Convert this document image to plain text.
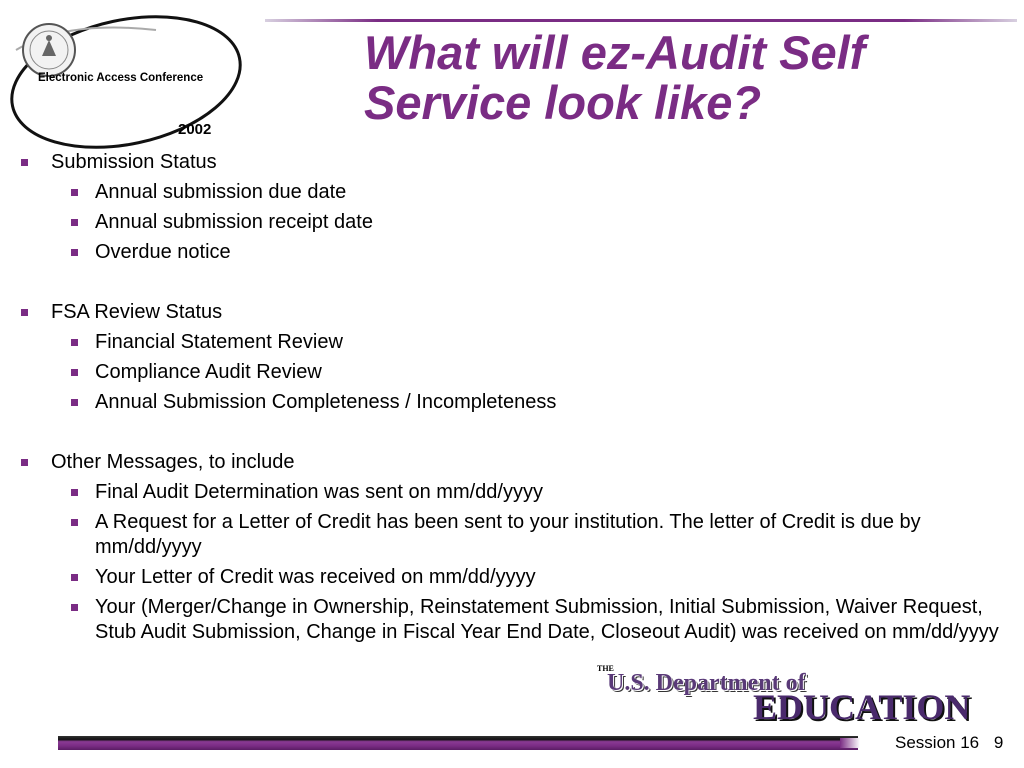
Electronic Access Conference
2002
What will ez-Audit Self
Service look like?
Submission Status
Annual submission due date
Annual submission receipt date
Overdue notice
FSA Review Status
Financial Statement Review
Compliance Audit Review
Annual Submission Completeness / Incompleteness
Other Messages, to include
Final Audit Determination was sent on mm/dd/yyyy
A Request for a Letter of Credit has been sent to your institution. The letter of Credit is due by mm/dd/yyyy
Your Letter of Credit was received on mm/dd/yyyy
Your (Merger/Change in Ownership, Reinstatement Submission, Initial Submission, Waiver Request, Stub Audit Submission, Change in Fiscal Year End Date, Closeout Audit) was received on mm/dd/yyyy
THE
U.S. Department of
EDUCATION
Session 16 9
